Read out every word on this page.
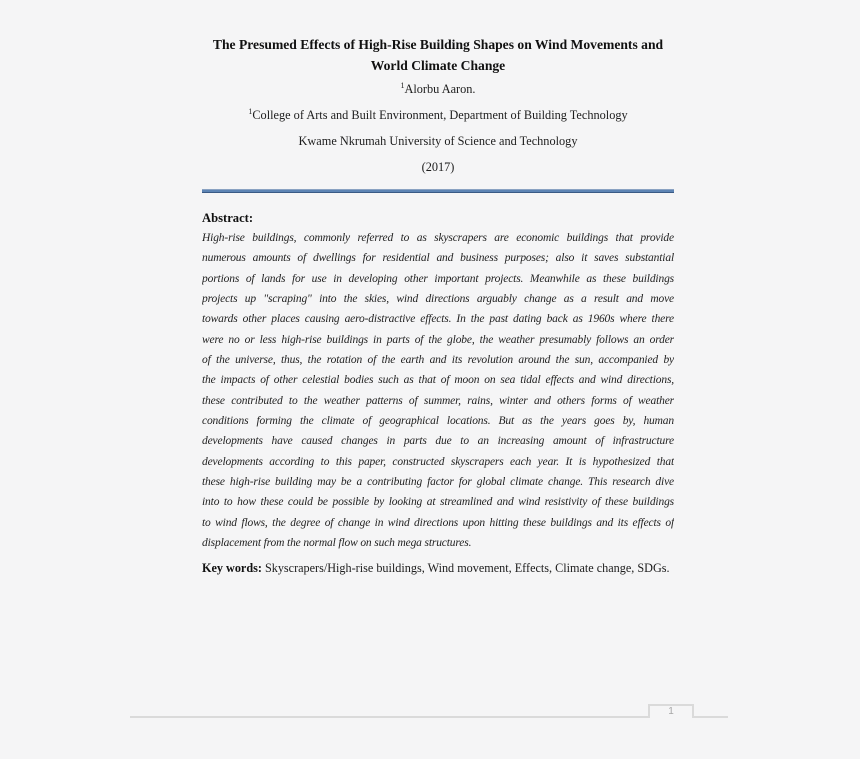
The Presumed Effects of High-Rise Building Shapes on Wind Movements and World Climate Change
$^1$Alorbu Aaron.
$^1$College of Arts and Built Environment, Department of Building Technology
Kwame Nkrumah University of Science and Technology
(2017)
Abstract:
High-rise buildings, commonly referred to as skyscrapers are economic buildings that provide
numerous amounts of dwellings for residential and business purposes; also it saves substantial
portions of lands for use in developing other important projects. Meanwhile as these buildings
projects up "scraping" into the skies, wind directions arguably change as a result and move
towards other places causing aero-distractive effects. In the past dating back as 1960s where there
were no or less high-rise buildings in parts of the globe, the weather presumably follows an order
of the universe, thus, the rotation of the earth and its revolution around the sun, accompanied by
the impacts of other celestial bodies such as that of moon on sea tidal effects and wind directions,
these contributed to the weather patterns of summer, rains, winter and others forms of weather
conditions forming the climate of geographical locations. But as the years goes by, human
developments have caused changes in parts due to an increasing amount of infrastructure
developments according to this paper, constructed skyscrapers each year. It is hypothesized that
these high-rise building may be a contributing factor for global climate change. This research dive
into to how these could be possible by looking at streamlined and wind resistivity of these buildings
to wind flows, the degree of change in wind directions upon hitting these buildings and its effects of
displacement from the normal flow on such mega structures.
Key words: Skyscrapers/High-rise buildings, Wind movement, Effects, Climate change, SDGs.
1
